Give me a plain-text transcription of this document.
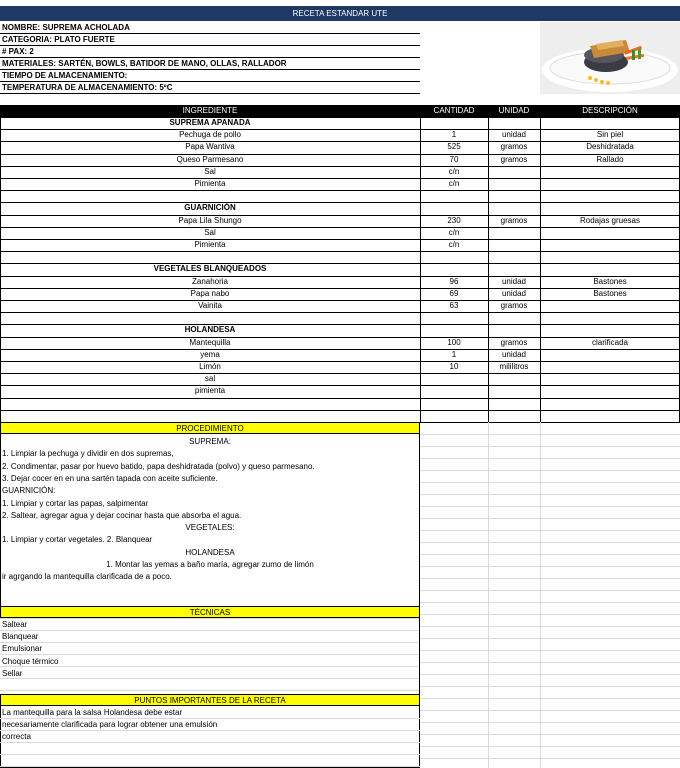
RECETA ESTANDAR UTE
NOMBRE: SUPREMA ACHOLADA
CATEGORIA: PLATO FUERTE
# PAX: 2
MATERIALES: SARTÉN, BOWLS, BATIDOR DE MANO, OLLAS, RALLADOR
TIEMPO DE ALMACENAMIENTO:
TEMPERATURA DE ALMACENAMIENTO: 5ºC
INGREDIENTE	CANTIDAD	UNIDAD	DESCRIPCIÓN
SUPREMA APANADA
Pechuga de pollo	1	unidad	Sin piel
Papa Wantiva	525	gramos	Deshidratada
Queso Parmesano	70	gramos	Rallado
Sal	c/n
Pimienta	c/n
GUARNICIÓN
Papa Lila Shungo	230	gramos	Rodajas gruesas
Sal	c/n
Pimienta	c/n
VEGETALES BLANQUEADOS
Zanahoria	96	unidad	Bastones
Papa nabo	69	unidad	Bastones
Vainita	63	gramos
HOLANDESA
Mantequilla	100	gramos	clarificada
yema	1	unidad
Limón	10	mililitros
sal
pimienta
PROCEDIMIENTO
SUPREMA:
1. Limpiar la pechuga y dividir en dos supremas,
2. Condimentar, pasar por huevo batido, papa deshidratada (polvo) y queso parmesano.
3. Dejar cocer en en una sartén tapada con aceite suficiente.
GUARNICIÓN:
1. Limpiar y cortar las papas, salpimentar
2. Saltear, agregar agua y dejar cocinar hasta que absorba el agua.
VEGETALES:
1. Limpiar y cortar vegetales. 2. Blanquear
HOLANDESA
1. Montar las yemas a baño maría, agregar zumo de limón
ir agrgando la mantequilla clarificada de a poco.
TÉCNICAS
Saltear
Blanquear
Emulsionar
Choque térmico
Sellar
PUNTOS IMPORTANTES DE LA RECETA
La mantequilla para la salsa Holandesa debe estar
necesariamente clarificada para lograr obtener una emulsión
correcta
